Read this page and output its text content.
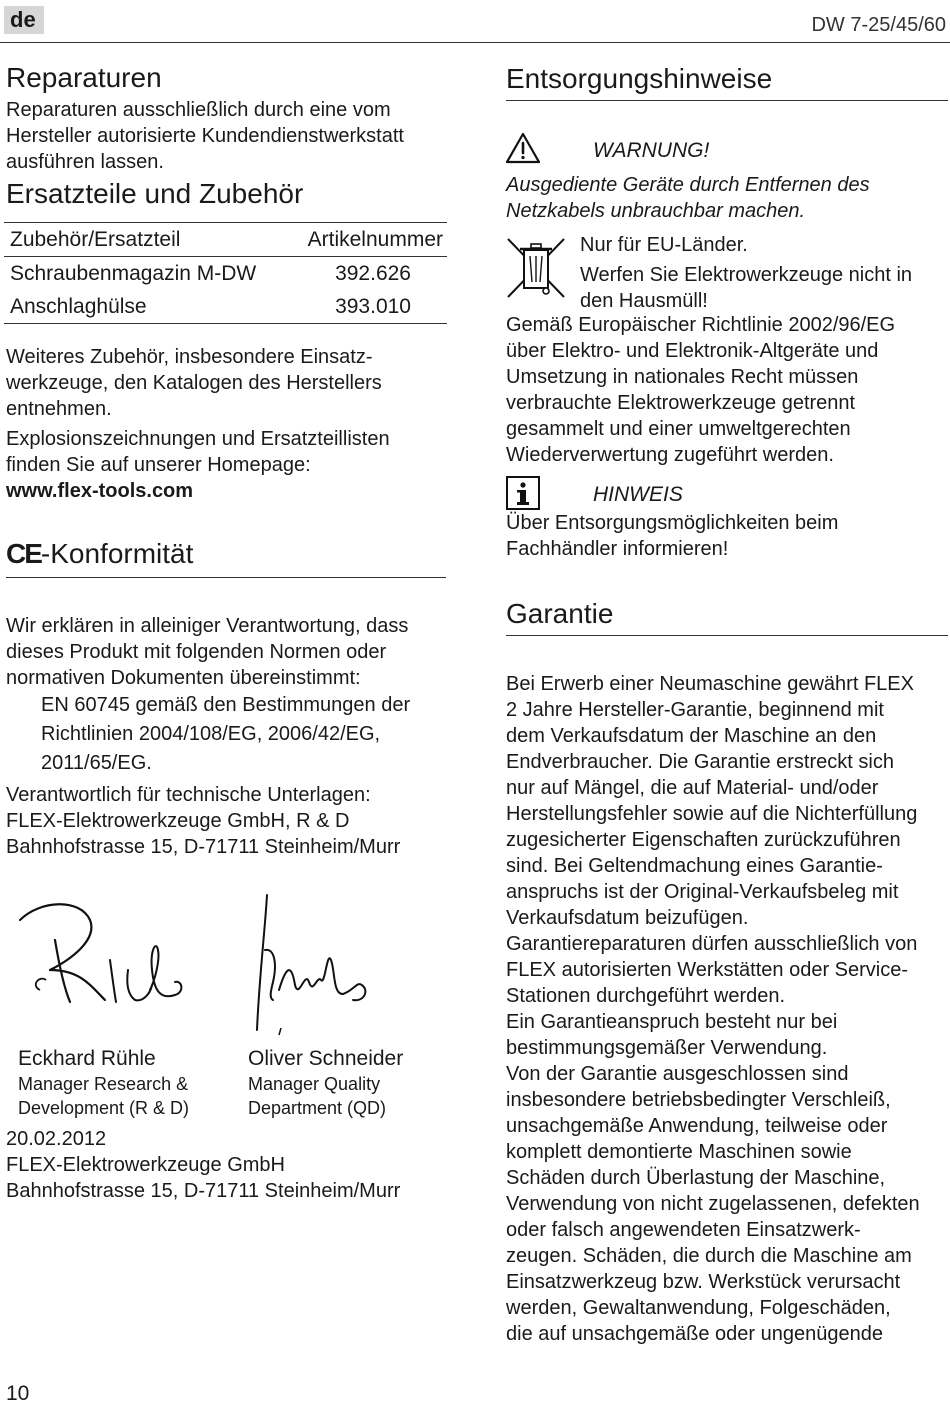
de	DW 7-25/45/60
Reparaturen

Reparaturen ausschließlich durch eine vom Hersteller autorisierte Kundendienstwerkstatt ausführen lassen.

Ersatzteile und Zubehör
Zubehör/Ersatzteil	Artikelnummer
Schraubenmagazin M-DW	392.626
Anschlaghülse	393.010
Weiteres Zubehör, insbesondere Einsatz-
werkzeuge, den Katalogen des Herstellers
entnehmen.
Explosionszeichnungen und Ersatzteillisten
finden Sie auf unserer Homepage:
www.flex-tools.com
CE-Konformität
Wir erklären in alleiniger Verantwortung, dass
dieses Produkt mit folgenden Normen oder
normativen Dokumenten übereinstimmt:
EN 60745 gemäß den Bestimmungen der
Richtlinien 2004/108/EG, 2006/42/EG,
2011/65/EG.
Verantwortlich für technische Unterlagen:
FLEX-Elektrowerkzeuge GmbH, R & D
Bahnhofstrasse 15, D-71711 Steinheim/Murr
Eckhard Rühle
Manager Research &
Development (R & D)
Oliver Schneider
Manager Quality
Department (QD)
20.02.2012
FLEX-Elektrowerkzeuge GmbH
Bahnhofstrasse 15, D-71711 Steinheim/Murr
Entsorgungshinweise
WARNUNG!
Ausgediente Geräte durch Entfernen des
Netzkabels unbrauchbar machen.
Nur für EU-Länder.
Werfen Sie Elektrowerkzeuge nicht in
den Hausmüll!
Gemäß Europäischer Richtlinie 2002/96/EG
über Elektro- und Elektronik-Altgeräte und
Umsetzung in nationales Recht müssen
verbrauchte Elektrowerkzeuge getrennt
gesammelt und einer umweltgerechten
Wiederverwertung zugeführt werden.
HINWEIS
Über Entsorgungsmöglichkeiten beim
Fachhändler informieren!
Garantie
Bei Erwerb einer Neumaschine gewährt FLEX
2 Jahre Hersteller-Garantie, beginnend mit
dem Verkaufsdatum der Maschine an den
Endverbraucher. Die Garantie erstreckt sich
nur auf Mängel, die auf Material- und/oder
Herstellungsfehler sowie auf die Nichterfüllung
zugesicherter Eigenschaften zurückzuführen
sind. Bei Geltendmachung eines Garantie-
anspruchs ist der Original-Verkaufsbeleg mit
Verkaufsdatum beizufügen.
Garantiereparaturen dürfen ausschließlich von
FLEX autorisierten Werkstätten oder Service-
Stationen durchgeführt werden.
Ein Garantieanspruch besteht nur bei
bestimmungsgemäßer Verwendung.
Von der Garantie ausgeschlossen sind
insbesondere betriebsbedingter Verschleiß,
unsachgemäße Anwendung, teilweise oder
komplett demontierte Maschinen sowie
Schäden durch Überlastung der Maschine,
Verwendung von nicht zugelassenen, defekten
oder falsch angewendeten Einsatzwerk-
zeugen. Schäden, die durch die Maschine am
Einsatzwerkzeug bzw. Werkstück verursacht
werden, Gewaltanwendung, Folgeschäden,
die auf unsachgemäße oder ungenügende
10
